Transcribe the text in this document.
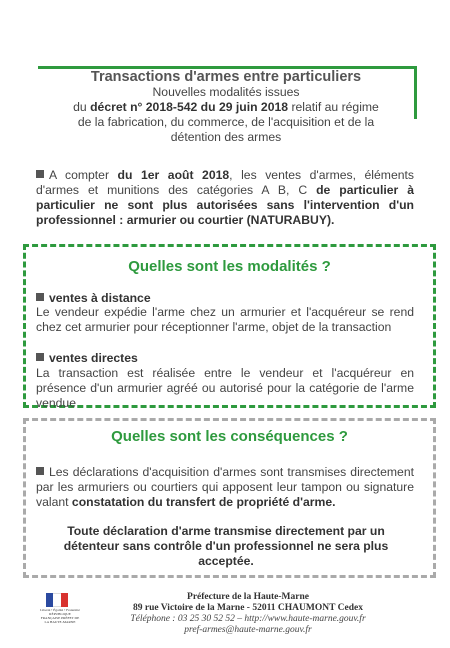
Transactions d'armes entre particuliers
Nouvelles modalités issues
du décret n° 2018-542 du 29 juin 2018 relatif au régime
de la fabrication, du commerce, de l'acquisition et de la
détention des armes
A compter du 1er août 2018, les ventes d'armes, éléments d'armes et munitions des catégories A B, C de particulier à particulier ne sont plus autorisées sans l'intervention d'un professionnel : armurier ou courtier (NATURABUY).
Quelles sont les modalités ?
ventes à distance
Le vendeur expédie l'arme chez un armurier et l'acquéreur se rend chez cet armurier pour réceptionner l'arme, objet de la transaction
ventes directes
La transaction est réalisée entre le vendeur et l'acquéreur en présence d'un armurier agréé ou autorisé pour la catégorie de l'arme vendue
Quelles sont les conséquences ?
Les déclarations d'acquisition d'armes sont transmises directement par les armuriers ou courtiers qui apposent leur tampon ou signature valant constatation du transfert de propriété d'arme.
Toute déclaration d'arme transmise directement par un détenteur sans contrôle d'un professionnel ne sera plus acceptée.
Liberté • Égalité • Fraternité RÉPUBLIQUE FRANÇAISE PRÉFET DE LA HAUTE-MARNE
Préfecture de la Haute-Marne
89 rue Victoire de la Marne - 52011 CHAUMONT Cedex
Téléphone : 03 25 30 52 52 – http://www.haute-marne.gouv.fr
pref-armes@haute-marne.gouv.fr
